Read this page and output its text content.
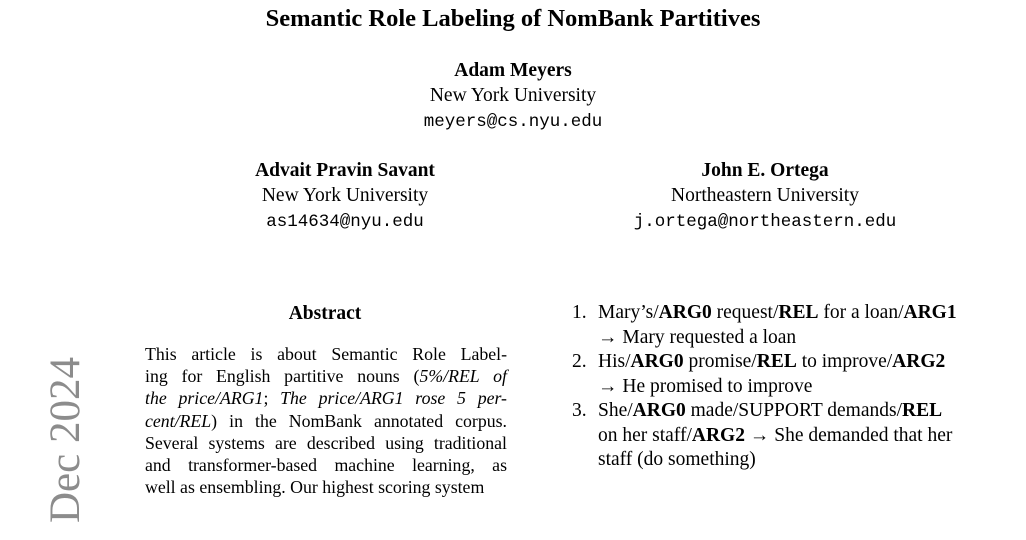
Semantic Role Labeling of NomBank Partitives
Adam Meyers
New York University
meyers@cs.nyu.edu
Advait Pravin Savant
New York University
as14634@nyu.edu
John E. Ortega
Northeastern University
j.ortega@northeastern.edu
Dec 2024
Abstract
This article is about Semantic Role Label-
ing for English partitive nouns (5%/REL of
the price/ARG1; The price/ARG1 rose 5 per-
cent/REL) in the NomBank annotated corpus.
Several systems are described using traditional
and transformer-based machine learning, as
well as ensembling. Our highest scoring system
1. Mary’s/ARG0 request/REL for a loan/ARG1
→ Mary requested a loan
2. His/ARG0 promise/REL to improve/ARG2
→ He promised to improve
3. She/ARG0 made/SUPPORT demands/REL
on her staff/ARG2 → She demanded that her
staff (do something)
